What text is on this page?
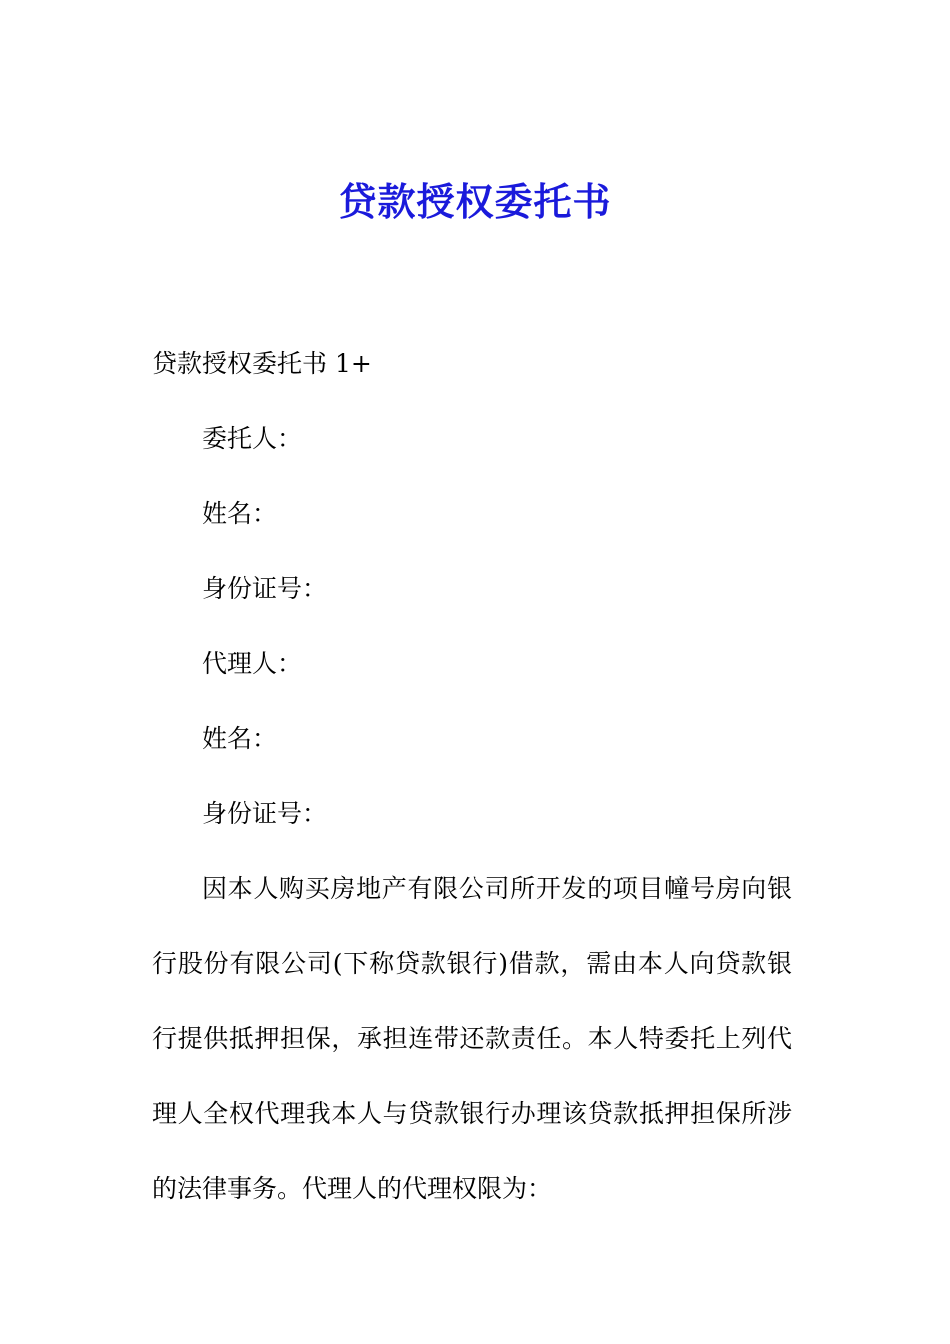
贷款授权委托书

贷款授权委托书 1+

委托人：

姓名：

身份证号：

代理人：

姓名：

身份证号：

因本人购买房地产有限公司所开发的项目幢号房向银行股份有限公司(下称贷款银行)借款，需由本人向贷款银行提供抵押担保，承担连带还款责任。本人特委托上列代理人全权代理我本人与贷款银行办理该贷款抵押担保所涉的法律事务。代理人的代理权限为：
